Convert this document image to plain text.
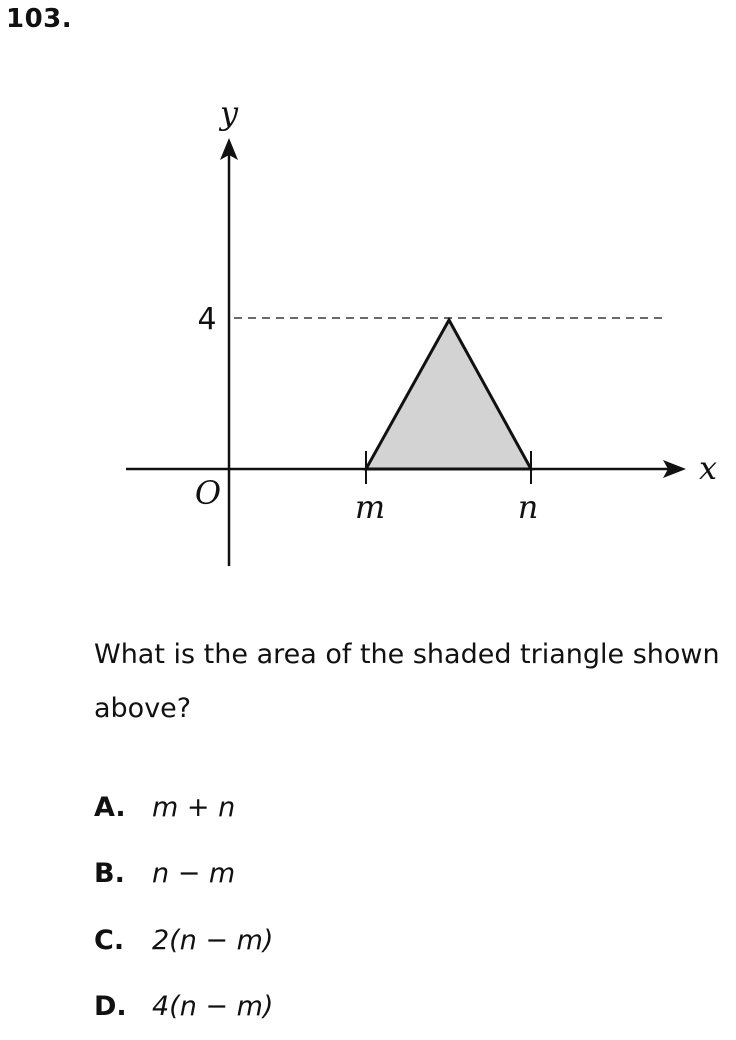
103.
y
x
4
O	m	n
What is the area of the shaded triangle shown above?
A. m + n
B.	n − m
C.	2(n − m)
D. 4(n − m)
